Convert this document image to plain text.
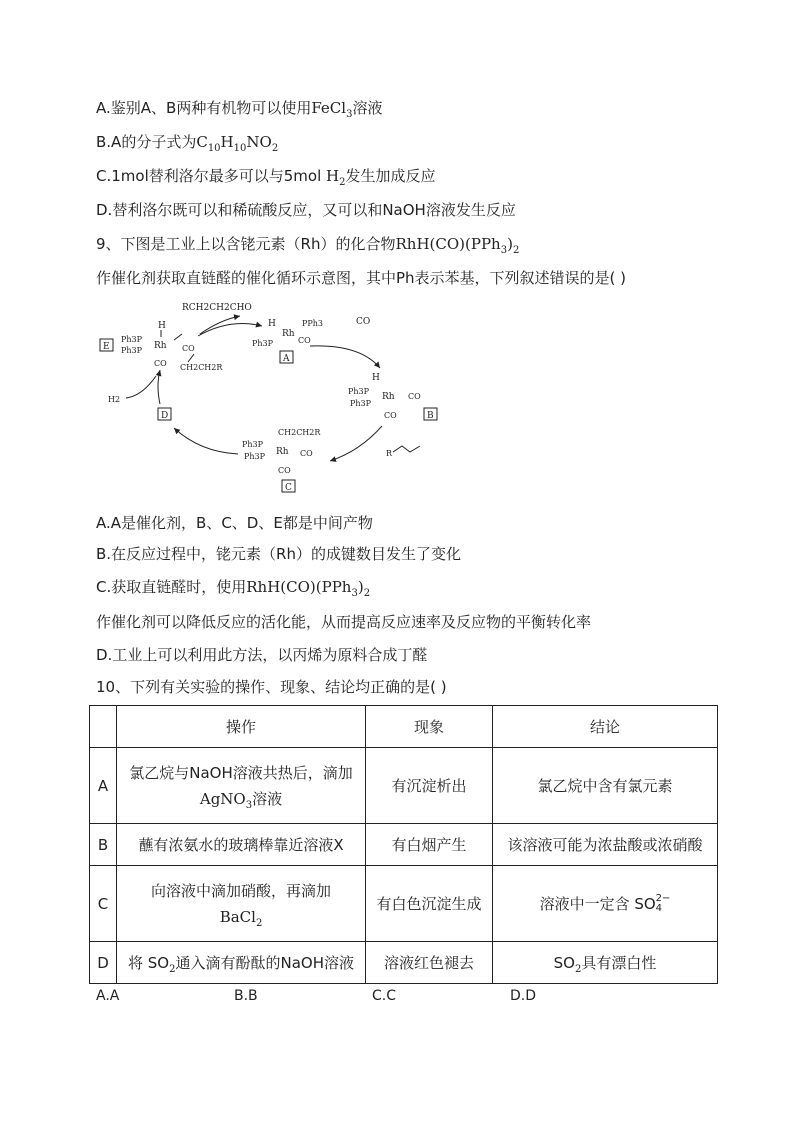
A.鉴别A、B两种有机物可以使用FeCl$_3$溶液
B.A的分子式为$C_{10}H_{10}NO_2$
C.1mol替利洛尔最多可以与5mol $H_2$发生加成反应
D.替利洛尔既可以和稀硫酸反应，又可以和NaOH溶液发生反应
9、下图是工业上以含铑元素（Rh）的化合物$RhH(CO)(PPh_3)_2$
作催化剂获取直链醛的催化循环示意图，其中Ph表示苯基，下列叙述错误的是( )
RCH2CH2CHO
E
H
Ph3P
Ph3P Rh CO
CO CH2CH2R
H
Rh
PPh3
Ph3P	CO
A
CO
H
Ph3P
Ph3P
Rh CO
CO	B
R
CH2CH2R
Ph3P
Ph3P Rh CO
CO
C
D
H2
A.A是催化剂，B、C、D、E都是中间产物
B.在反应过程中，铑元素（Rh）的成键数目发生了变化
C.获取直链醛时，使用$RhH(CO)(PPh_3)_2$
作催化剂可以降低反应的活化能，从而提高反应速率及反应物的平衡转化率
D.工业上可以利用此方法，以丙烯为原料合成丁醛
10、下列有关实验的操作、现象、结论均正确的是( )
	操作	现象	结论
A	氯乙烷与NaOH溶液共热后，滴加
AgNO$_3$溶液	有沉淀析出	氯乙烷中含有氯元素
B	蘸有浓氨水的玻璃棒靠近溶液X	有白烟产生	该溶液可能为浓盐酸或浓硝酸
C	向溶液中滴加硝酸，再滴加
BaCl$_2$	有白色沉淀生成	溶液中一定含 SO2−
4
D	将 $SO_2$通入滴有酚酞的NaOH溶液	溶液红色褪去	$SO_2$具有漂白性
A.A	B.B	C.C	D.D
